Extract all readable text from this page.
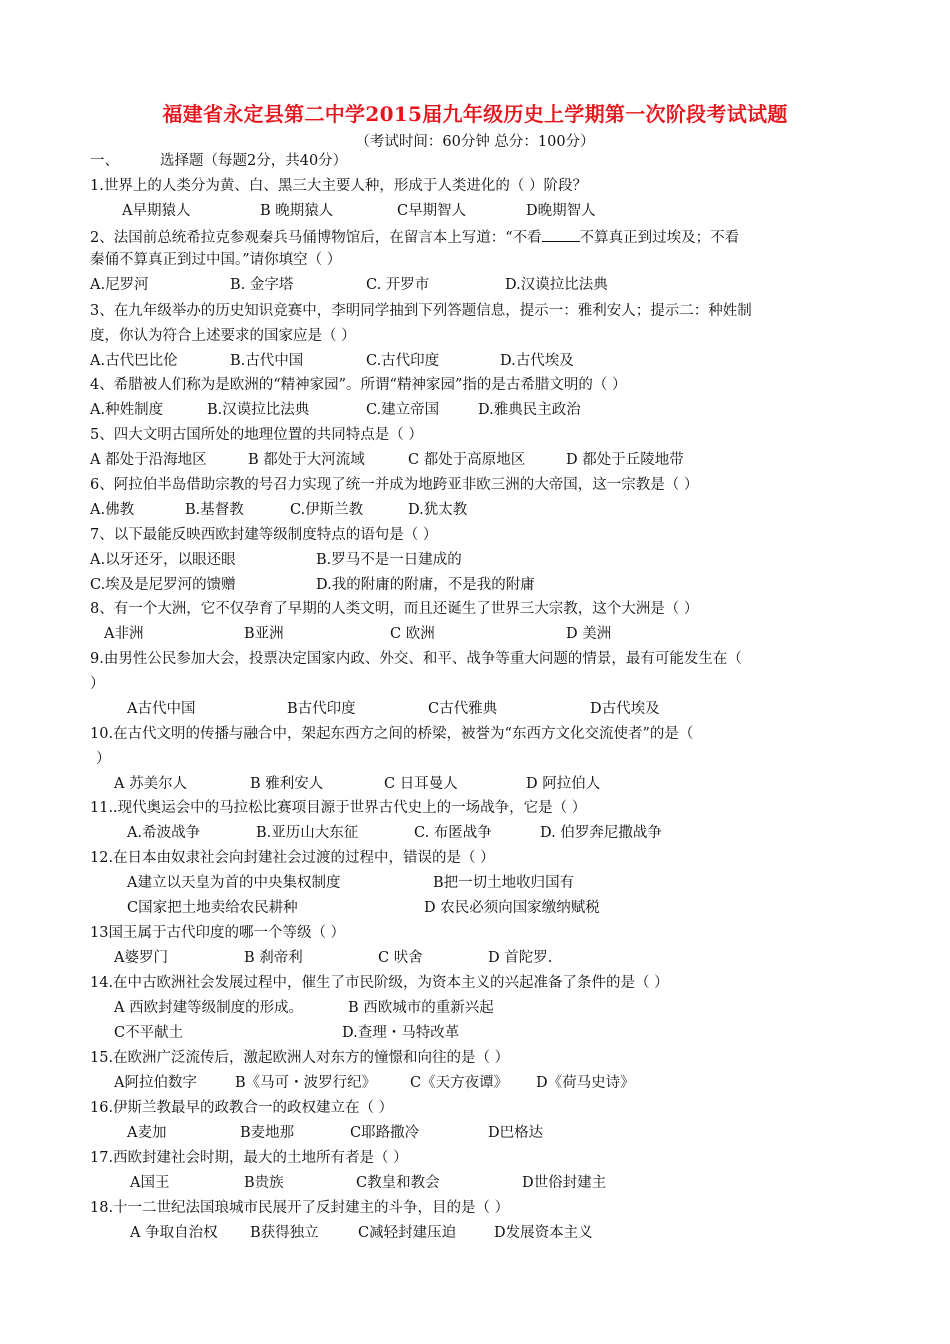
福建省永定县第二中学2015届九年级历史上学期第一次阶段考试试题
（考试时间：60分钟 总分：100分）
一、	选择题（每题2分，共40分）
1.世界上的人类分为黄、白、黑三大主要人种，形成于人类进化的（ ）阶段？
A早期猿人	B 晚期猿人	C早期智人	D晚期智人
2、法国前总统希拉克参观秦兵马俑博物馆后，在留言本上写道：“不看	不算真正到过埃及；不看
秦俑不算真正到过中国。”请你填空（ ）
A.尼罗河	B. 金字塔	C. 开罗市	D.汉谟拉比法典
3、在九年级举办的历史知识竞赛中，李明同学抽到下列答题信息，提示一：雅利安人；提示二：种姓制
度，你认为符合上述要求的国家应是（ ）
A.古代巴比伦	B.古代中国	C.古代印度	D.古代埃及
4、希腊被人们称为是欧洲的“精神家园”。所谓“精神家园”指的是古希腊文明的（ ）
A.种姓制度	B.汉谟拉比法典	C.建立帝国	D.雅典民主政治
5、四大文明古国所处的地理位置的共同特点是（ ）
A 都处于沿海地区	B 都处于大河流域	C 都处于高原地区	D 都处于丘陵地带
6、阿拉伯半岛借助宗教的号召力实现了统一并成为地跨亚非欧三洲的大帝国，这一宗教是（ ）
A.佛教	B.基督教	C.伊斯兰教	D.犹太教
7、以下最能反映西欧封建等级制度特点的语句是（ ）
A.以牙还牙，以眼还眼	B.罗马不是一日建成的
C.埃及是尼罗河的馈赠	D.我的附庸的附庸，不是我的附庸
8、有一个大洲，它不仅孕育了早期的人类文明，而且还诞生了世界三大宗教，这个大洲是（ ）
A非洲	B亚洲	C 欧洲	D 美洲
9.由男性公民参加大会，投票决定国家内政、外交、和平、战争等重大问题的情景，最有可能发生在（
）
A古代中国	B古代印度	C古代雅典	D古代埃及
10.在古代文明的传播与融合中，架起东西方之间的桥梁，被誉为“东西方文化交流使者”的是（
）
A 苏美尔人	B 雅利安人	C 日耳曼人	D 阿拉伯人
11..现代奥运会中的马拉松比赛项目源于世界古代史上的一场战争，它是（ ）
A.希波战争	B.亚历山大东征	C. 布匿战争	D. 伯罗奔尼撒战争
12.在日本由奴隶社会向封建社会过渡的过程中，错误的是（ ）
A建立以天皇为首的中央集权制度	B把一切土地收归国有
C国家把土地卖给农民耕种	D 农民必须向国家缴纳赋税
13国王属于古代印度的哪一个等级（ ）
A婆罗门	B 刹帝利	C 吠舍	D 首陀罗.
14.在中古欧洲社会发展过程中，催生了市民阶级，为资本主义的兴起准备了条件的是（ ）
A 西欧封建等级制度的形成。	B 西欧城市的重新兴起
C不平献土	D.查理・马特改革
15.在欧洲广泛流传后，激起欧洲人对东方的憧憬和向往的是（ ）
A阿拉伯数字	B《马可・波罗行纪》 C《天方夜谭》 D《荷马史诗》
16.伊斯兰教最早的政教合一的政权建立在（ ）
A麦加	B麦地那	C耶路撒冷	D巴格达
17.西欧封建社会时期，最大的土地所有者是（ ）
A国王	B贵族	C教皇和教会	D世俗封建主
18.十一二世纪法国琅城市民展开了反封建主的斗争，目的是（ ）
A 争取自治权 B获得独立	C减轻封建压迫	D发展资本主义
